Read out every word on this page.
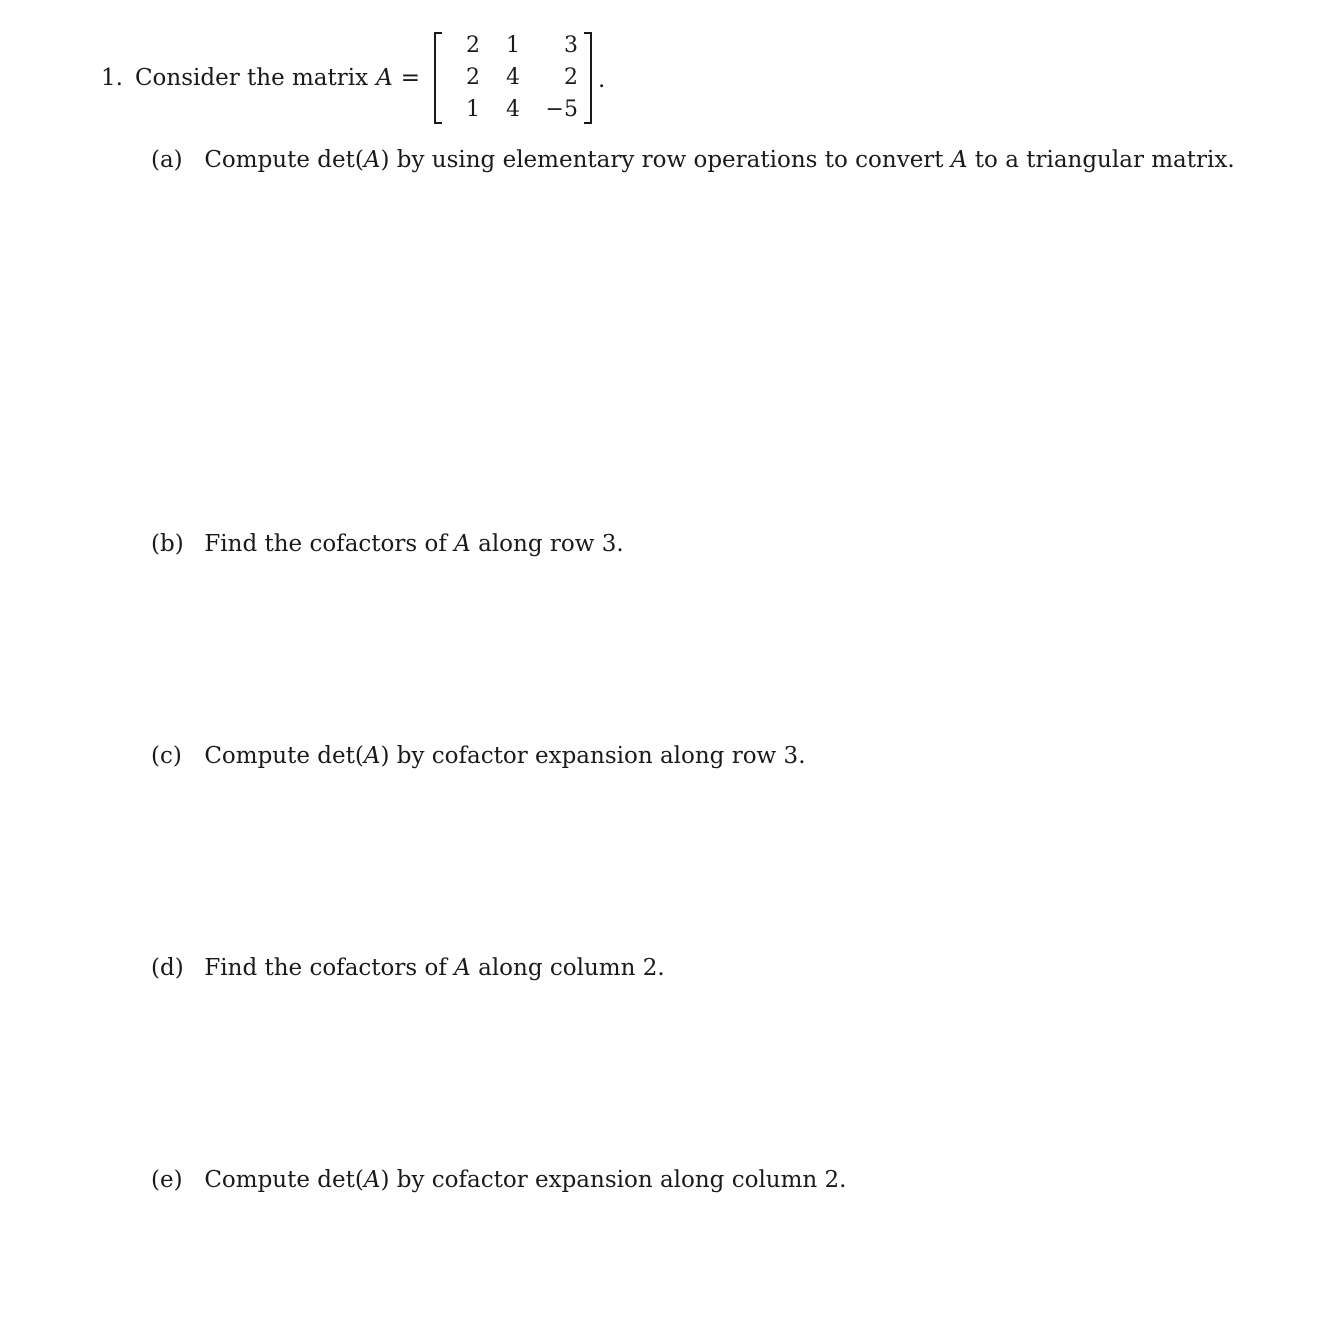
1. Consider the matrix A =
2	1	3
2	4	2
1	4	−5
.
(a) Compute det(A) by using elementary row operations to convert A to a triangular matrix.
(b) Find the cofactors of A along row 3.
(c) Compute det(A) by cofactor expansion along row 3.
(d) Find the cofactors of A along column 2.
(e) Compute det(A) by cofactor expansion along column 2.
